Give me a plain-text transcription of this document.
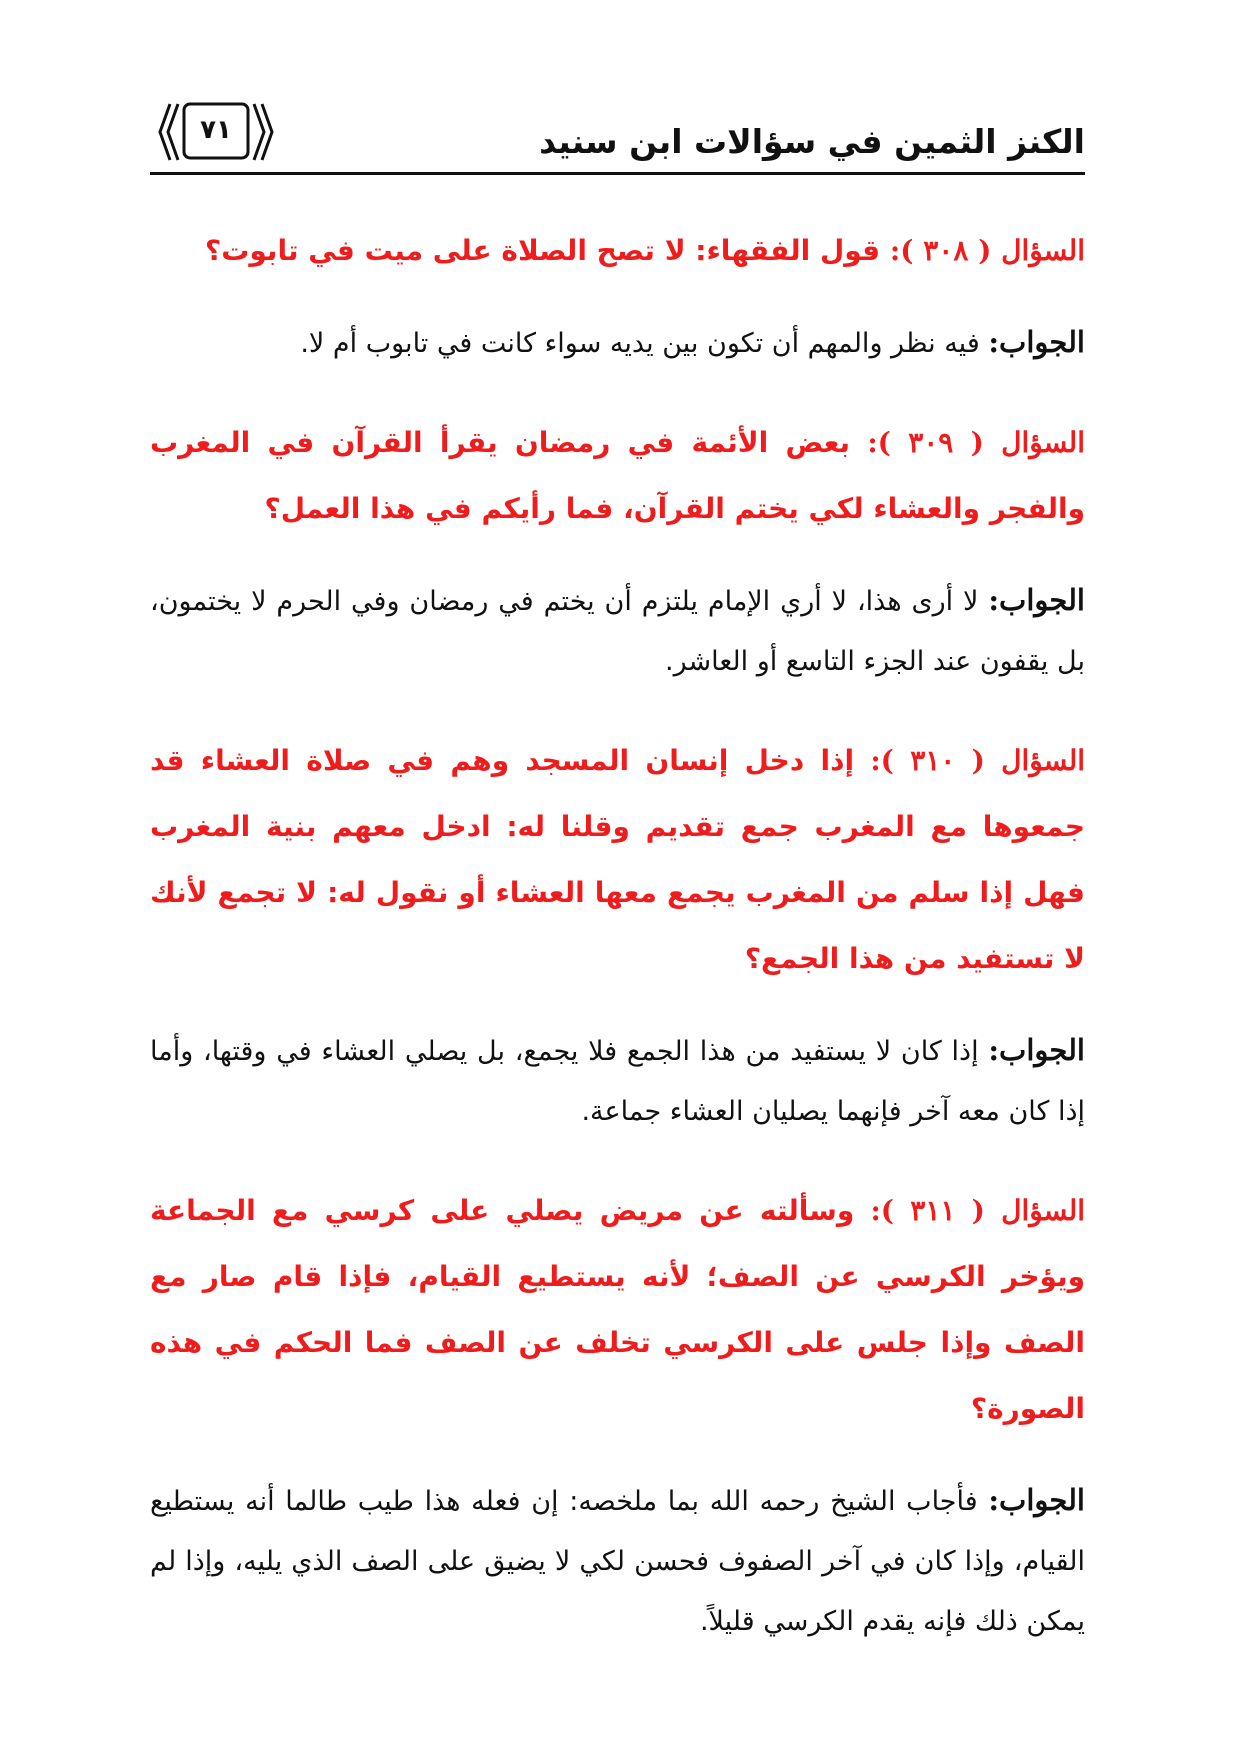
الكنز الثمين في سؤالات ابن سنيد
٧١

السؤال ( ٣٠٨ ): قول الفقهاء: لا تصح الصلاة على ميت في تابوت؟

الجواب: فيه نظر والمهم أن تكون بين يديه سواء كانت في تابوب أم لا.

السؤال ( ٣٠٩ ): بعض الأئمة في رمضان يقرأ القرآن في المغرب والفجر والعشاء لكي يختم القرآن، فما رأيكم في هذا العمل؟

الجواب: لا أرى هذا، لا أري الإمام يلتزم أن يختم في رمضان وفي الحرم لا يختمون، بل يقفون عند الجزء التاسع أو العاشر.

السؤال ( ٣١٠ ): إذا دخل إنسان المسجد وهم في صلاة العشاء قد جمعوها مع المغرب جمع تقديم وقلنا له: ادخل معهم بنية المغرب فهل إذا سلم من المغرب يجمع معها العشاء أو نقول له: لا تجمع لأنك لا تستفيد من هذا الجمع؟

الجواب: إذا كان لا يستفيد من هذا الجمع فلا يجمع، بل يصلي العشاء في وقتها، وأما إذا كان معه آخر فإنهما يصليان العشاء جماعة.

السؤال ( ٣١١ ): وسألته عن مريض يصلي على كرسي مع الجماعة ويؤخر الكرسي عن الصف؛ لأنه يستطيع القيام، فإذا قام صار مع الصف وإذا جلس على الكرسي تخلف عن الصف فما الحكم في هذه الصورة؟

الجواب: فأجاب الشيخ رحمه الله بما ملخصه: إن فعله هذا طيب طالما أنه يستطيع القيام، وإذا كان في آخر الصفوف فحسن لكي لا يضيق على الصف الذي يليه، وإذا لم يمكن ذلك فإنه يقدم الكرسي قليلاً.
